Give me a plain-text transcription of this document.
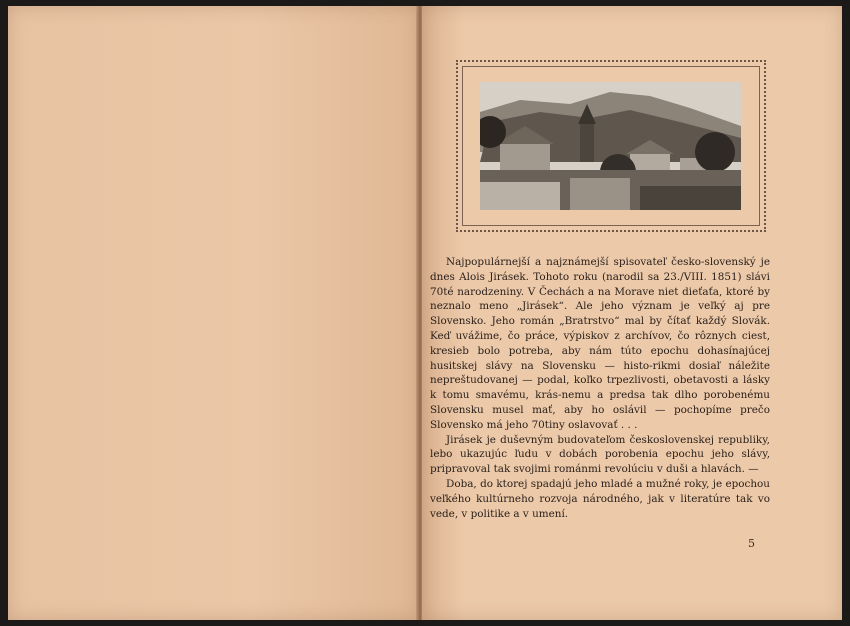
Najpopulárnejší a najznámejší spisovateľ česko-slovenský je dnes Alois Jirásek. Tohoto roku (narodil sa 23./VIII. 1851) slávi 70té narodzeniny. V Čechách a na Morave niet dieťaťa, ktoré by neznalo meno „Jirásek“. Ale jeho význam je veľký aj pre Slovensko. Jeho román „Bratrstvo“ mal by čítať každý Slovák. Keď uvážime, čo práce, výpiskov z archívov, čo rôznych ciest, kresieb bolo potreba, aby nám túto epochu dohasínajúcej husitskej slávy na Slovensku — histo-rikmi dosiaľ náležite nepreštudovanej — podal, koľko trpezlivosti, obetavosti a lásky k tomu smavému, krás-nemu a predsa tak dlho porobenému Slovensku musel mať, aby ho oslávil — pochopíme prečo Slovensko má jeho 70tiny oslavovať . . .

Jirásek je duševným budovateľom československej republiky, lebo ukazujúc ľudu v dobách porobenia epochu jeho slávy, pripravoval tak svojimi románmi revolúciu v duši a hlavách. —

Doba, do ktorej spadajú jeho mladé a mužné roky, je epochou veľkého kultúrneho rozvoja národného, jak v literatúre tak vo vede, v politike a v umení.

5
